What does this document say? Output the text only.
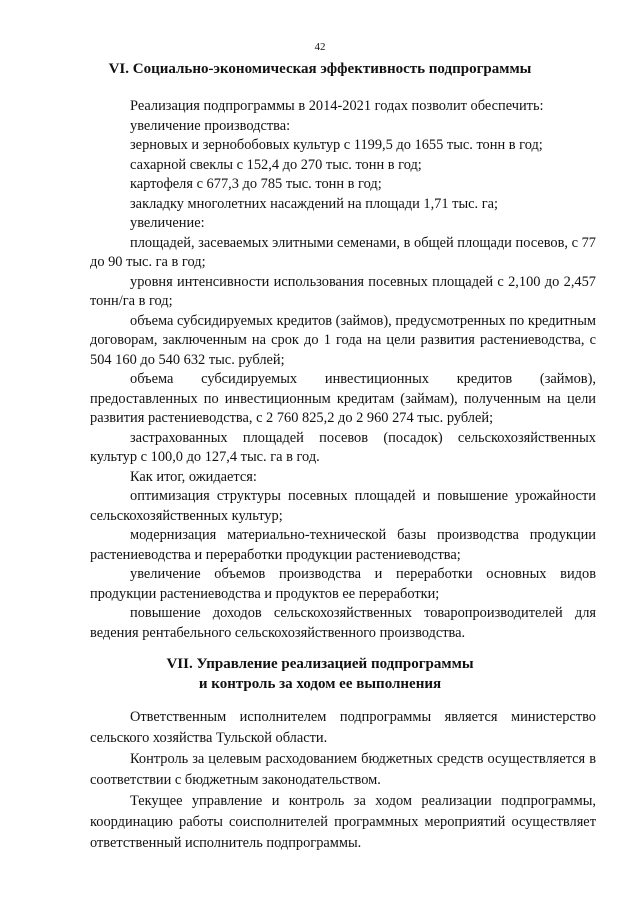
42
VI. Социально-экономическая эффективность подпрограммы

Реализация подпрограммы в 2014-2021 годах позволит обеспечить:

увеличение производства:

зерновых и зернобобовых культур с 1199,5 до 1655 тыс. тонн в год;

сахарной свеклы с 152,4 до 270 тыс. тонн в год;

картофеля с 677,3 до 785 тыс. тонн в год;

закладку многолетних насаждений на площади 1,71 тыс. га;

увеличение:

площадей, засеваемых элитными семенами, в общей площади посевов, с 77 до 90 тыс. га в год;

уровня интенсивности использования посевных площадей с 2,100 до 2,457 тонн/га в год;

объема субсидируемых кредитов (займов), предусмотренных по кредитным договорам, заключенным на срок до 1 года на цели развития растениеводства, с 504 160 до 540 632 тыс. рублей;

объема субсидируемых инвестиционных кредитов (займов), предоставленных по инвестиционным кредитам (займам), полученным на цели развития растениеводства, с 2 760 825,2 до 2 960 274 тыс. рублей;

застрахованных площадей посевов (посадок) сельскохозяйственных культур с 100,0 до 127,4 тыс. га в год.

Как итог, ожидается:

оптимизация структуры посевных площадей и повышение урожайности сельскохозяйственных культур;

модернизация материально-технической базы производства продукции растениеводства и переработки продукции растениеводства;

увеличение объемов производства и переработки основных видов продукции растениеводства и продуктов ее переработки;

повышение доходов сельскохозяйственных товаропроизводителей для ведения рентабельного сельскохозяйственного производства.

VII. Управление реализацией подпрограммы
и контроль за ходом ее выполнения

Ответственным исполнителем подпрограммы является министерство сельского хозяйства Тульской области.

Контроль за целевым расходованием бюджетных средств осуществляется в соответствии с бюджетным законодательством.

Текущее управление и контроль за ходом реализации подпрограммы, координацию работы соисполнителей программных мероприятий осуществляет ответственный исполнитель подпрограммы.
